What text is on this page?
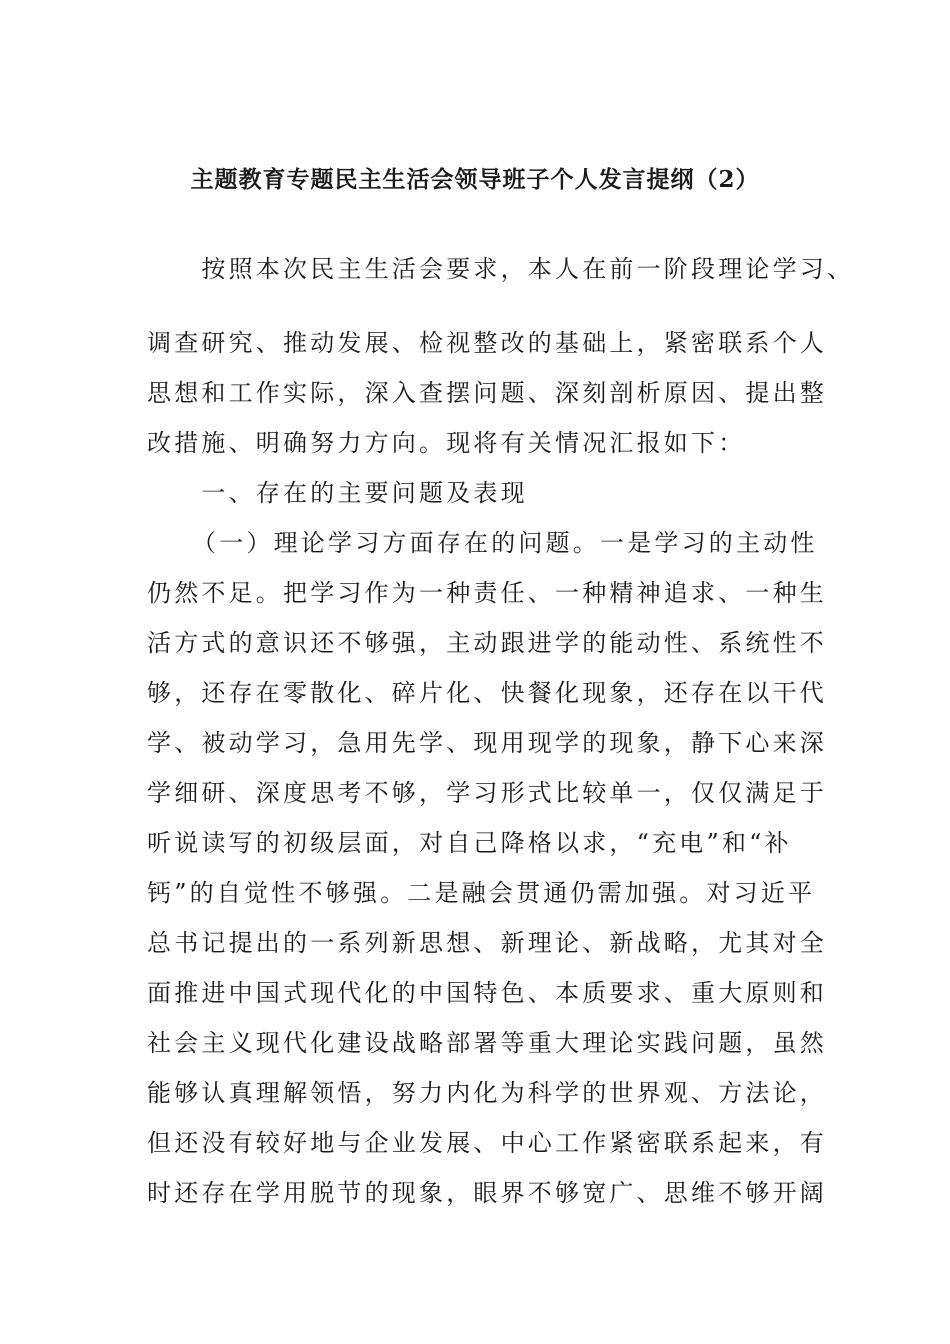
主题教育专题民主生活会领导班子个人发言提纲（2）
　　按照本次民主生活会要求，本人在前一阶段理论学习、
调查研究、推动发展、检视整改的基础上，紧密联系个人
思想和工作实际，深入查摆问题、深刻剖析原因、提出整
改措施、明确努力方向。现将有关情况汇报如下：
　　一、存在的主要问题及表现
（一）理论学习方面存在的问题。一是学习的主动性
仍然不足。把学习作为一种责任、一种精神追求、一种生
活方式的意识还不够强，主动跟进学的能动性、系统性不
够，还存在零散化、碎片化、快餐化现象，还存在以干代
学、被动学习，急用先学、现用现学的现象，静下心来深
学细研、深度思考不够，学习形式比较单一，仅仅满足于
听说读写的初级层面，对自己降格以求，“充电”和“补
钙”的自觉性不够强。二是融会贯通仍需加强。对习近平
总书记提出的一系列新思想、新理论、新战略，尤其对全
面推进中国式现代化的中国特色、本质要求、重大原则和
社会主义现代化建设战略部署等重大理论实践问题，虽然
能够认真理解领悟，努力内化为科学的世界观、方法论，
但还没有较好地与企业发展、中心工作紧密联系起来，有
时还存在学用脱节的现象，眼界不够宽广、思维不够开阔
